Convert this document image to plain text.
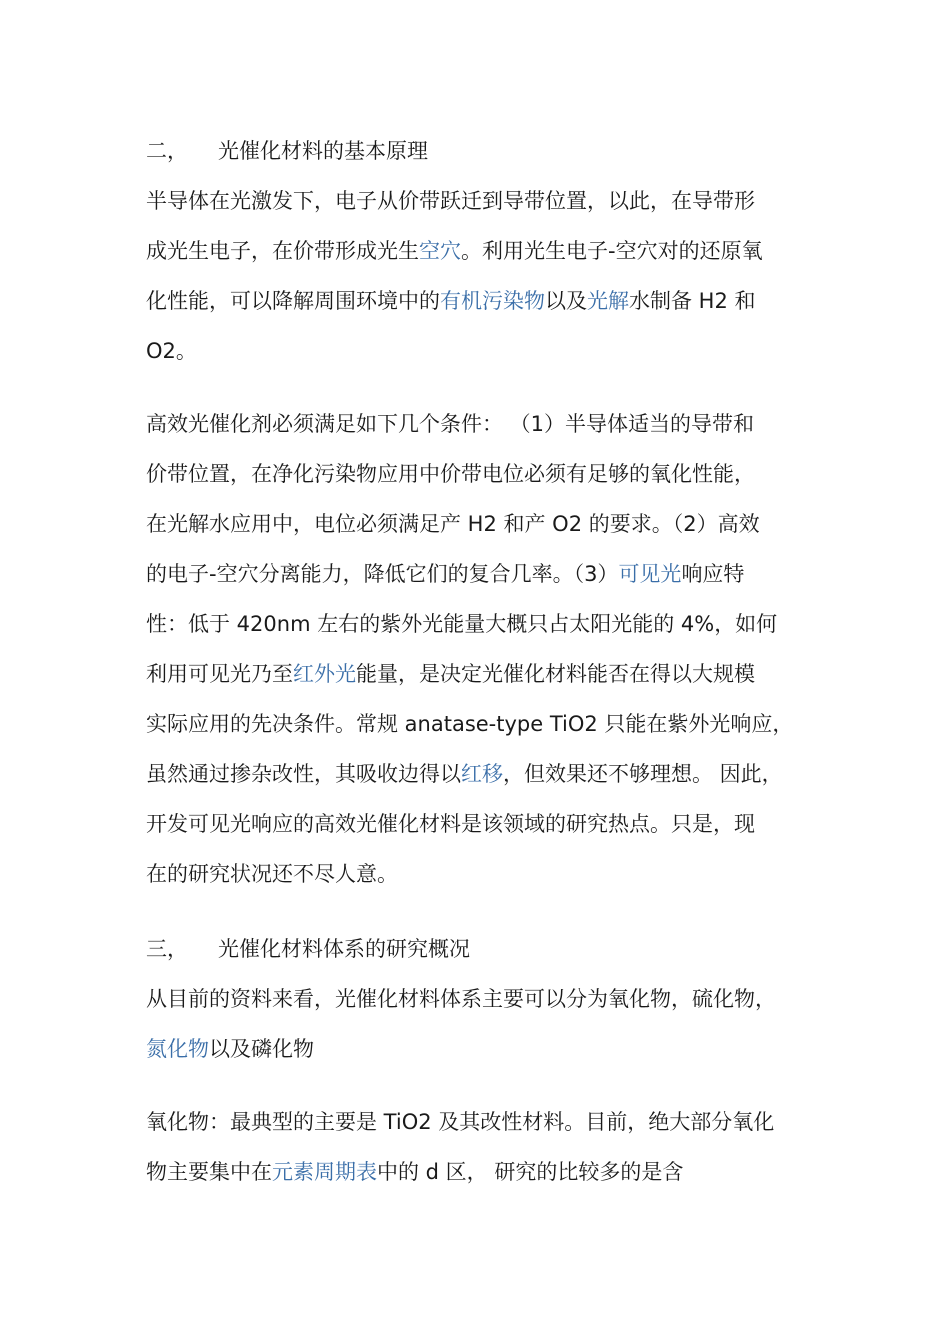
二， 光催化材料的基本原理
半导体在光激发下，电子从价带跃迁到导带位置，以此，在导带形
成光生电子，在价带形成光生空穴。利用光生电子-空穴对的还原氧
化性能，可以降解周围环境中的有机污染物以及光解水制备 H2 和
O2。
高效光催化剂必须满足如下几个条件： （1）半导体适当的导带和
价带位置，在净化污染物应用中价带电位必须有足够的氧化性能，
在光解水应用中，电位必须满足产 H2 和产 O2 的要求。（2）高效
的电子-空穴分离能力，降低它们的复合几率。（3）可见光响应特
性：低于 420nm 左右的紫外光能量大概只占太阳光能的 4%，如何
利用可见光乃至红外光能量，是决定光催化材料能否在得以大规模
实际应用的先决条件。常规 anatase-type TiO2 只能在紫外光响应，
虽然通过掺杂改性，其吸收边得以红移，但效果还不够理想。 因此，
开发可见光响应的高效光催化材料是该领域的研究热点。只是，现
在的研究状况还不尽人意。
三， 光催化材料体系的研究概况
从目前的资料来看，光催化材料体系主要可以分为氧化物，硫化物，
氮化物以及磷化物
氧化物：最典型的主要是 TiO2 及其改性材料。目前，绝大部分氧化
物主要集中在元素周期表中的 d 区， 研究的比较多的是含
